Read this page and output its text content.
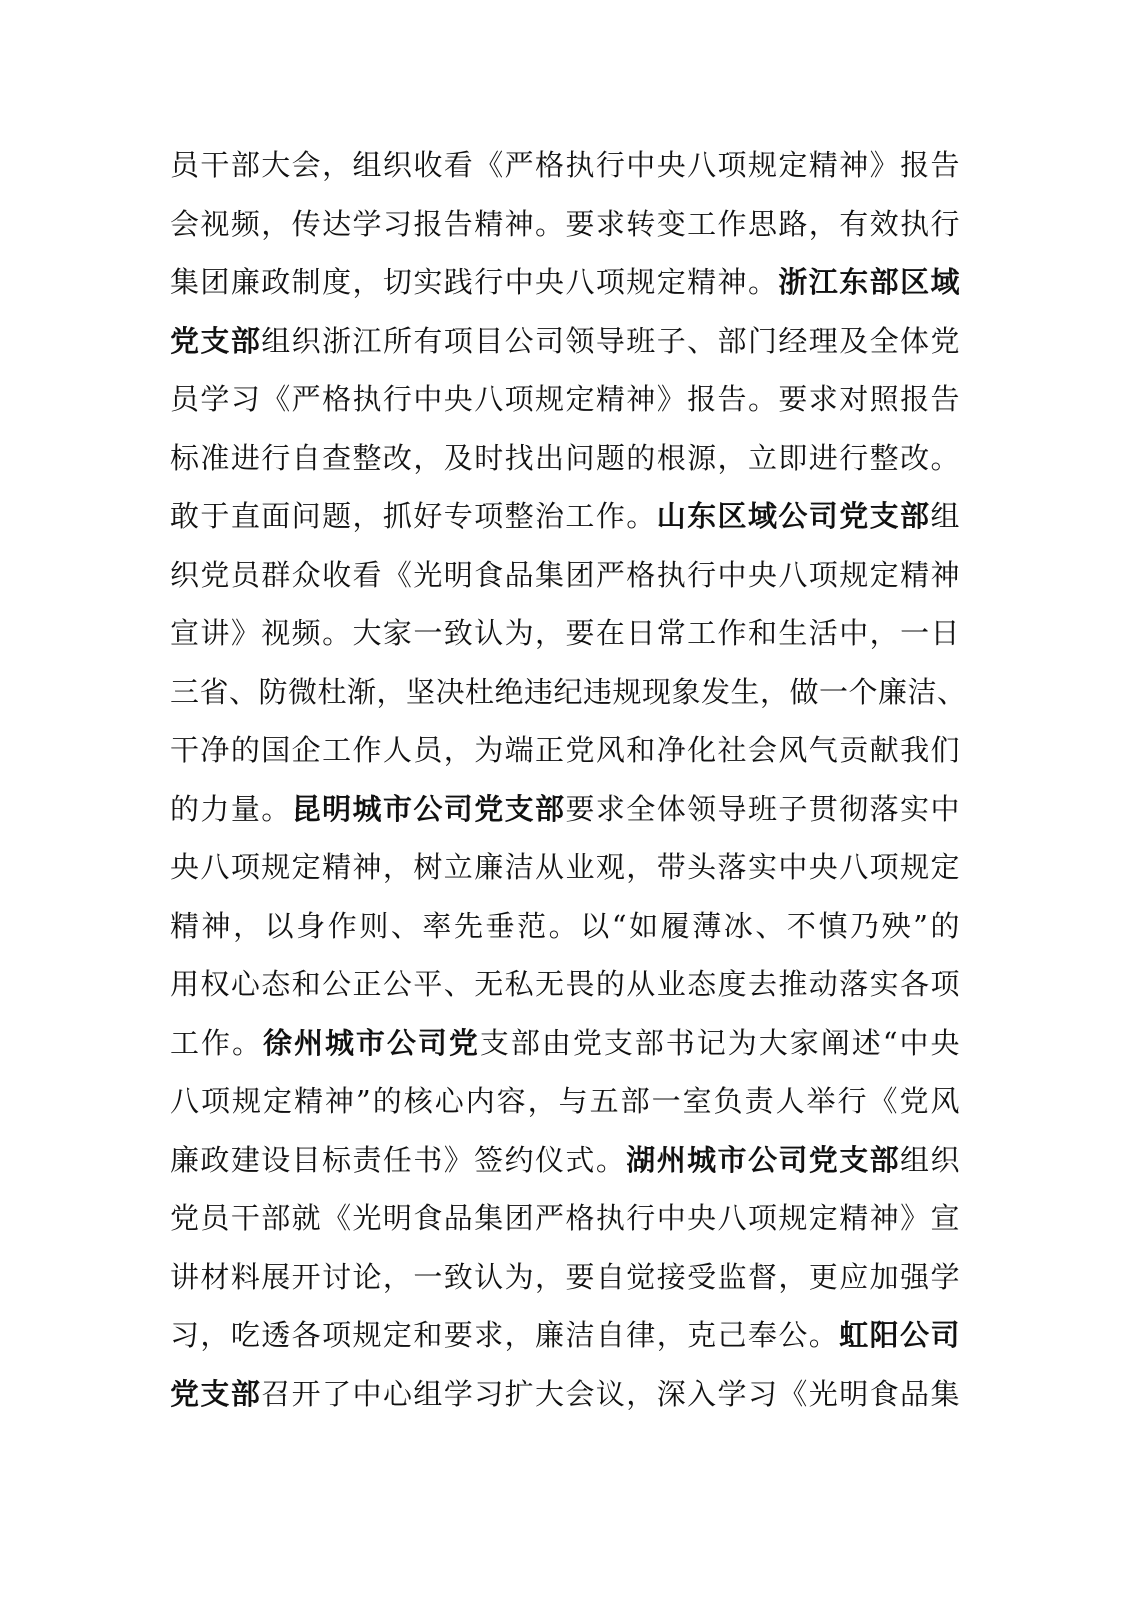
员干部大会，组织收看《严格执行中央八项规定精神》报告
会视频，传达学习报告精神。要求转变工作思路，有效执行
集团廉政制度，切实践行中央八项规定精神。浙江东部区域
党支部组织浙江所有项目公司领导班子、部门经理及全体党
员学习《严格执行中央八项规定精神》报告。要求对照报告
标准进行自查整改，及时找出问题的根源，立即进行整改。
敢于直面问题，抓好专项整治工作。山东区域公司党支部组
织党员群众收看《光明食品集团严格执行中央八项规定精神
宣讲》视频。大家一致认为，要在日常工作和生活中，一日
三省、防微杜渐，坚决杜绝违纪违规现象发生，做一个廉洁、
干净的国企工作人员，为端正党风和净化社会风气贡献我们
的力量。昆明城市公司党支部要求全体领导班子贯彻落实中
央八项规定精神，树立廉洁从业观，带头落实中央八项规定
精神，以身作则、率先垂范。以“如履薄冰、不慎乃殃”的
用权心态和公正公平、无私无畏的从业态度去推动落实各项
工作。徐州城市公司党支部由党支部书记为大家阐述“中央
八项规定精神”的核心内容，与五部一室负责人举行《党风
廉政建设目标责任书》签约仪式。湖州城市公司党支部组织
党员干部就《光明食品集团严格执行中央八项规定精神》宣
讲材料展开讨论，一致认为，要自觉接受监督，更应加强学
习，吃透各项规定和要求，廉洁自律，克己奉公。虹阳公司
党支部召开了中心组学习扩大会议，深入学习《光明食品集
